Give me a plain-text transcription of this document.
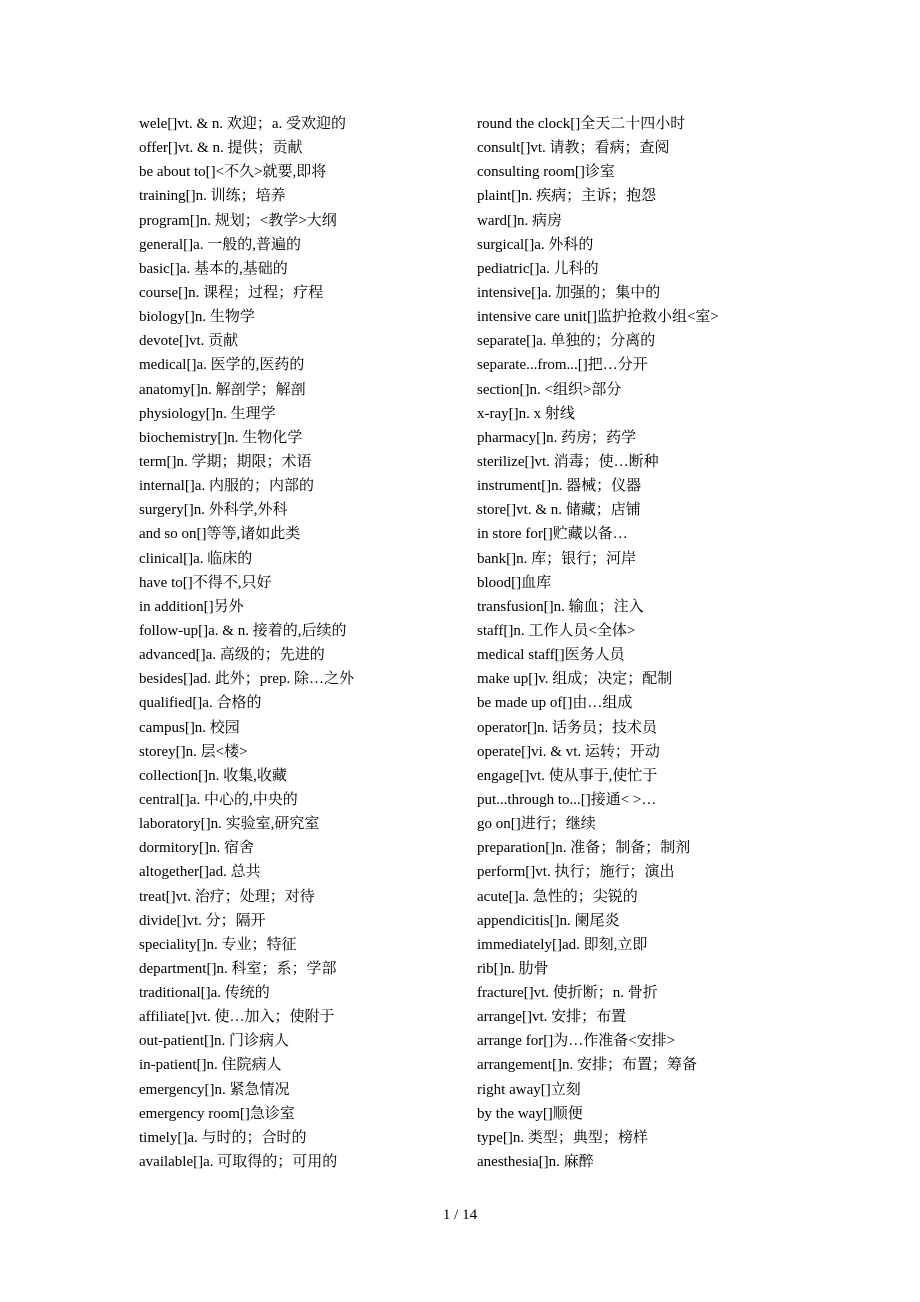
wele[]vt. & n. 欢迎；a. 受欢迎的
offer[]vt. & n. 提供；贡献
be about to[]<不久>就要,即将
training[]n. 训练；培养
program[]n. 规划；<教学>大纲
general[]a. 一般的,普遍的
basic[]a. 基本的,基础的
course[]n. 课程；过程；疗程
biology[]n. 生物学
devote[]vt. 贡献
medical[]a. 医学的,医药的
anatomy[]n. 解剖学；解剖
physiology[]n. 生理学
biochemistry[]n. 生物化学
term[]n. 学期；期限；术语
internal[]a. 内服的；内部的
surgery[]n. 外科学,外科
and so on[]等等,诸如此类
clinical[]a. 临床的
have to[]不得不,只好
in addition[]另外
follow-up[]a. & n. 接着的,后续的
advanced[]a. 高级的；先进的
besides[]ad. 此外；prep. 除…之外
qualified[]a. 合格的
campus[]n. 校园
storey[]n. 层<楼>
collection[]n. 收集,收藏
central[]a. 中心的,中央的
laboratory[]n. 实验室,研究室
dormitory[]n. 宿舍
altogether[]ad. 总共
treat[]vt. 治疗；处理；对待
divide[]vt. 分；隔开
speciality[]n. 专业；特征
department[]n. 科室；系；学部
traditional[]a. 传统的
affiliate[]vt. 使…加入；使附于
out-patient[]n. 门诊病人
in-patient[]n. 住院病人
emergency[]n. 紧急情况
emergency room[]急诊室
timely[]a. 与时的；合时的
available[]a. 可取得的；可用的
round the clock[]全天二十四小时
consult[]vt. 请教；看病；查阅
consulting room[]诊室
plaint[]n. 疾病；主诉；抱怨
ward[]n. 病房
surgical[]a. 外科的
pediatric[]a. 儿科的
intensive[]a. 加强的；集中的
intensive care unit[]监护抢救小组<室>
separate[]a. 单独的；分离的
separate...from...[]把…分开
section[]n. <组织>部分
x-ray[]n. x 射线
pharmacy[]n. 药房；药学
sterilize[]vt. 消毒；使…断种
instrument[]n. 器械；仪器
store[]vt. & n. 储藏；店铺
in store for[]贮藏以备…
bank[]n. 库；银行；河岸
blood[]血库
transfusion[]n. 输血；注入
staff[]n. 工作人员<全体>
medical staff[]医务人员
make up[]v. 组成；决定；配制
be made up of[]由…组成
operator[]n. 话务员；技术员
operate[]vi. & vt. 运转；开动
engage[]vt. 使从事于,使忙于
put...through to...[]接通< >…
go on[]进行；继续
preparation[]n. 准备；制备；制剂
perform[]vt. 执行；施行；演出
acute[]a. 急性的；尖锐的
appendicitis[]n. 阑尾炎
immediately[]ad. 即刻,立即
rib[]n. 肋骨
fracture[]vt. 使折断；n. 骨折
arrange[]vt. 安排；布置
arrange for[]为…作准备<安排>
arrangement[]n. 安排；布置；筹备
right away[]立刻
by the way[]顺便
type[]n. 类型；典型；榜样
anesthesia[]n. 麻醉
1 / 14
